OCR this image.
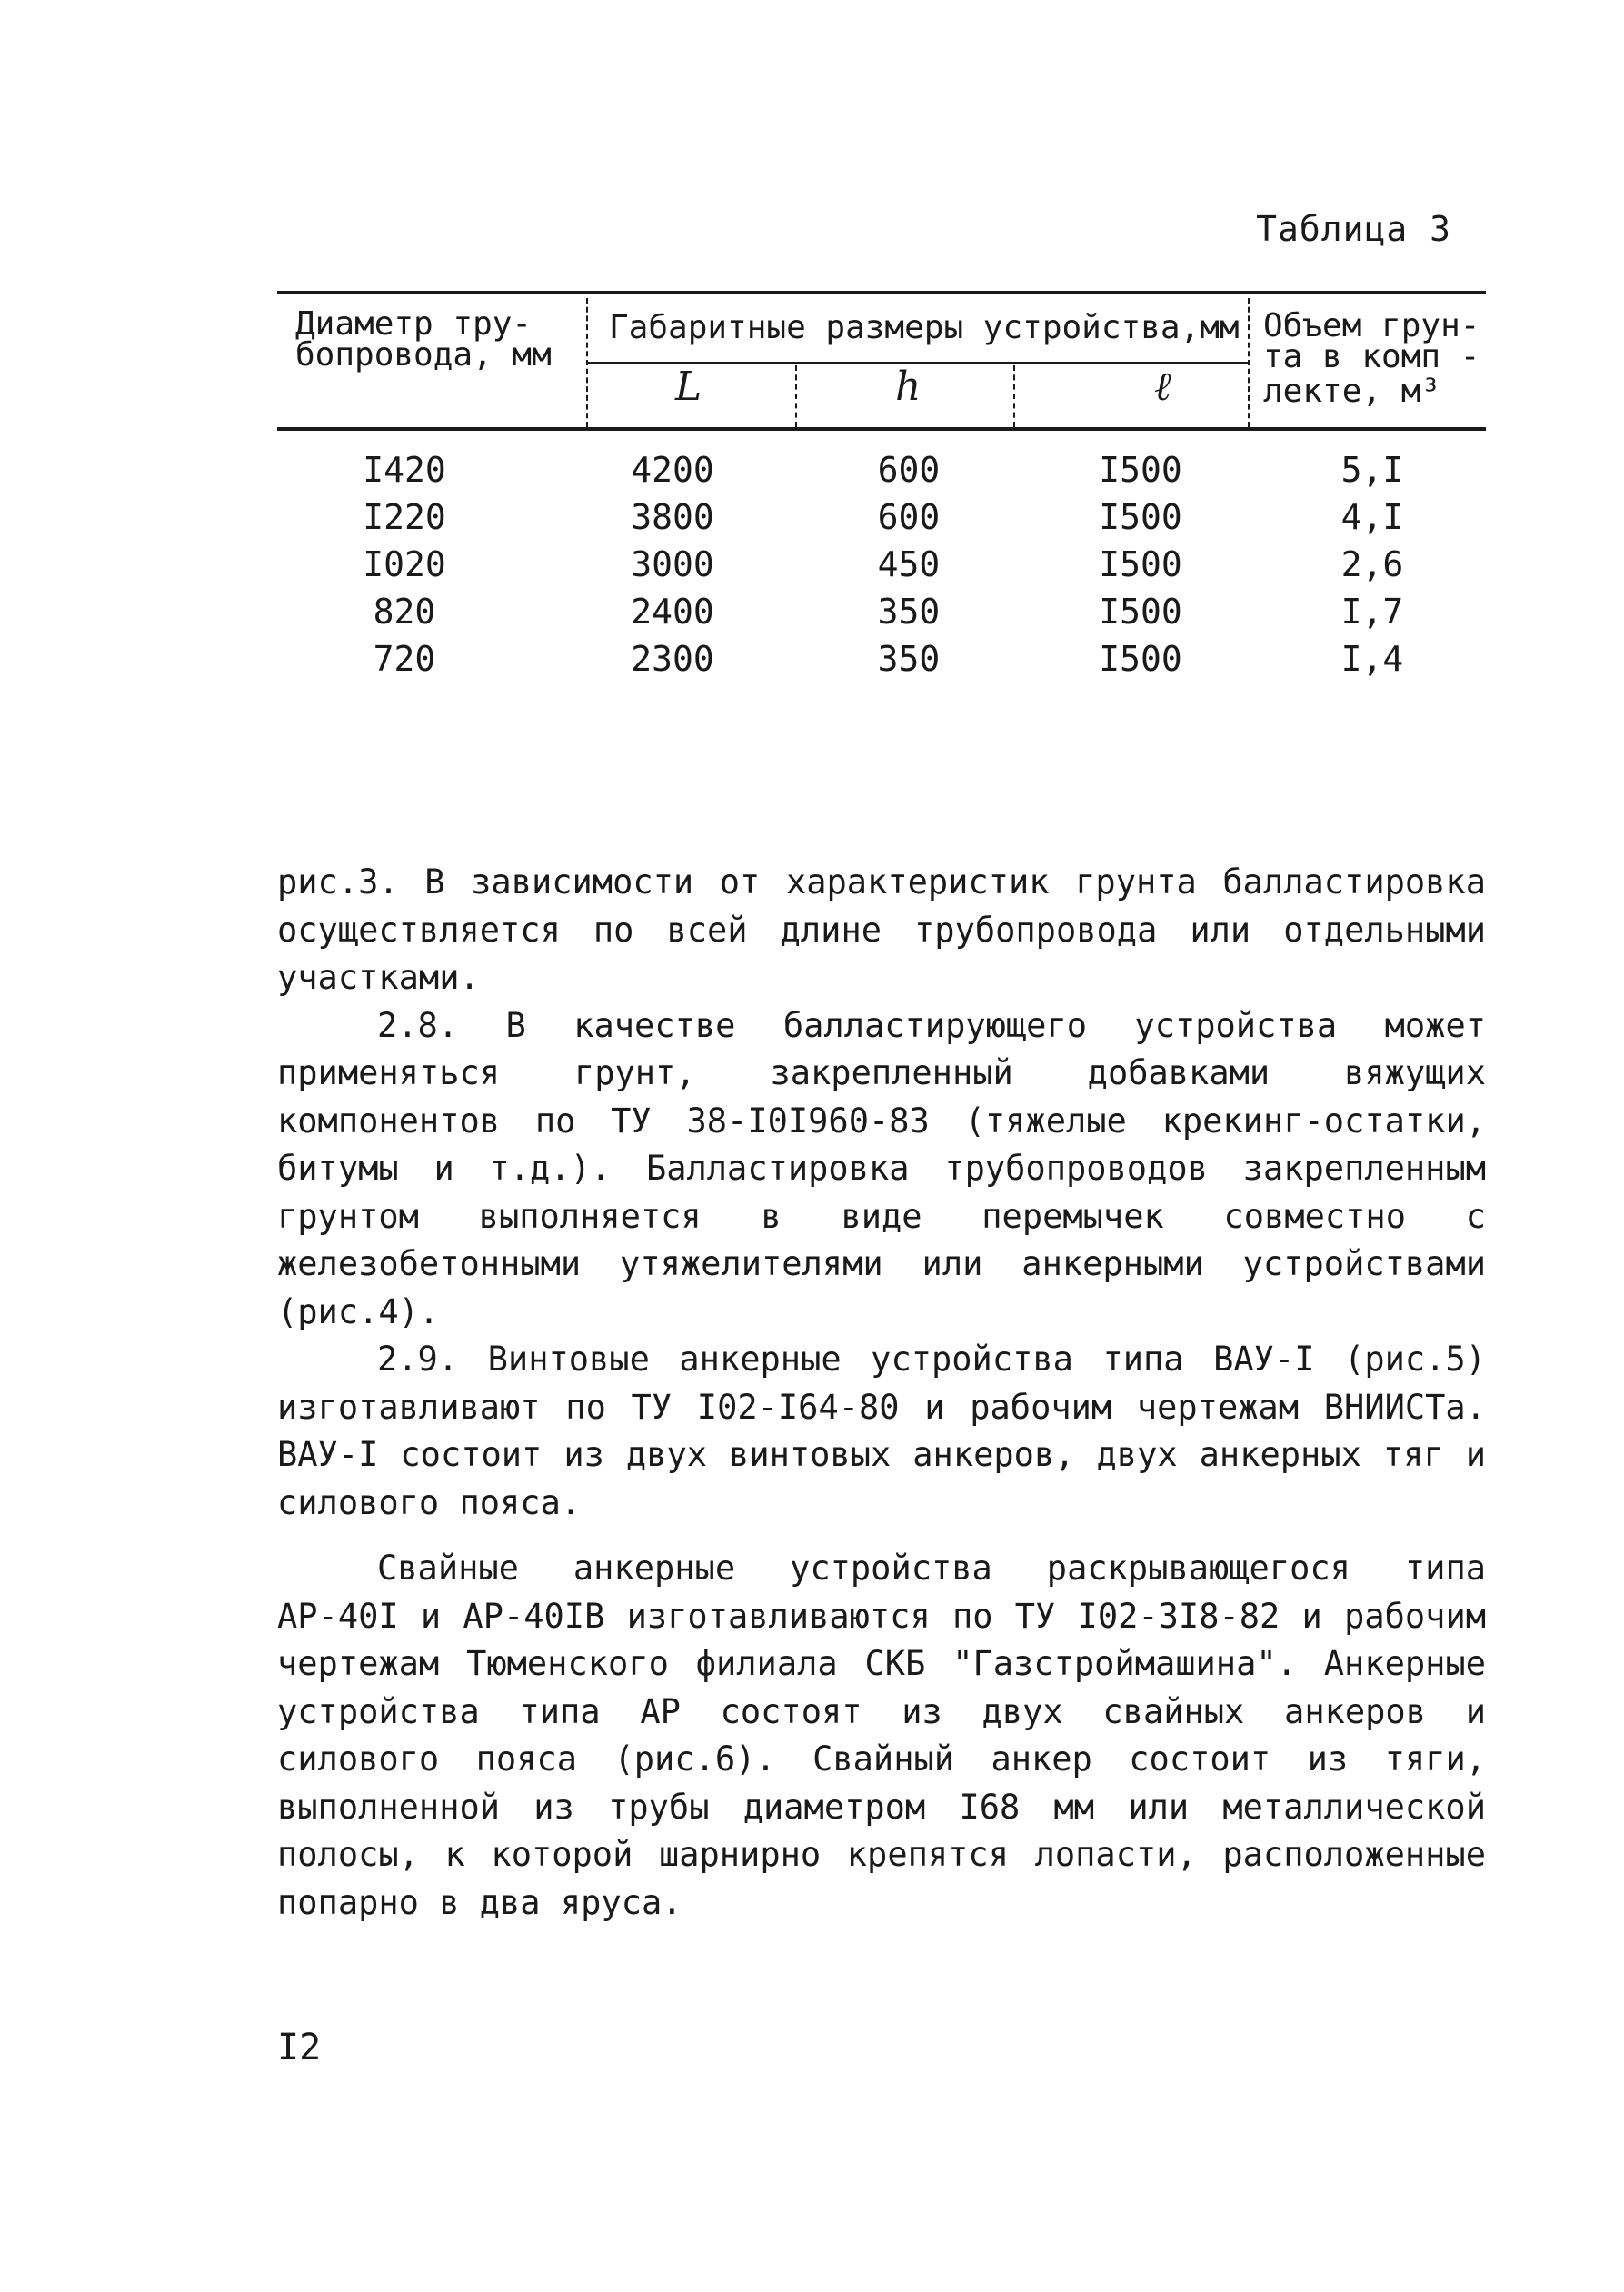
Таблица 3
Диаметр тру-
бопровода, мм
Габаритные размеры устройства,мм
L	h	ℓ
Объем грун-
та в комп -
лекте, м³
I420	4200	600	I500	5,I
I220	3800	600	I500	4,I
I020	3000	450	I500	2,6
820	2400	350	I500	I,7
720	2300	350	I500	I,4

рис.3. В зависимости от характеристик грунта балластировка осуществляется по всей длине трубопровода или отдельными участками.

2.8. В качестве балластирующего устройства может применяться грунт, закрепленный добавками вяжущих компонентов по ТУ 38-I0I960-83 (тяжелые крекинг-остатки, битумы и т.д.). Балластировка трубопроводов закрепленным грунтом выполняется в виде перемычек совместно с железобетонными утяжелителями или анкерными устройствами (рис.4).

2.9. Винтовые анкерные устройства типа ВАУ-I (рис.5) изготавливают по ТУ I02-I64-80 и рабочим чертежам ВНИИСТа. ВАУ-I состоит из двух винтовых анкеров, двух анкерных тяг и силового пояса.

Свайные анкерные устройства раскрывающегося типа АР-40I и АР-40IВ изготавливаются по ТУ I02-3I8-82 и рабочим чертежам Тюменского филиала СКБ "Газстроймашина". Анкерные устройства типа АР состоят из двух свайных анкеров и силового пояса (рис.6). Свайный анкер состоит из тяги, выполненной из трубы диаметром I68 мм или металлической полосы, к которой шарнирно крепятся лопасти, расположенные попарно в два яруса.

I2
